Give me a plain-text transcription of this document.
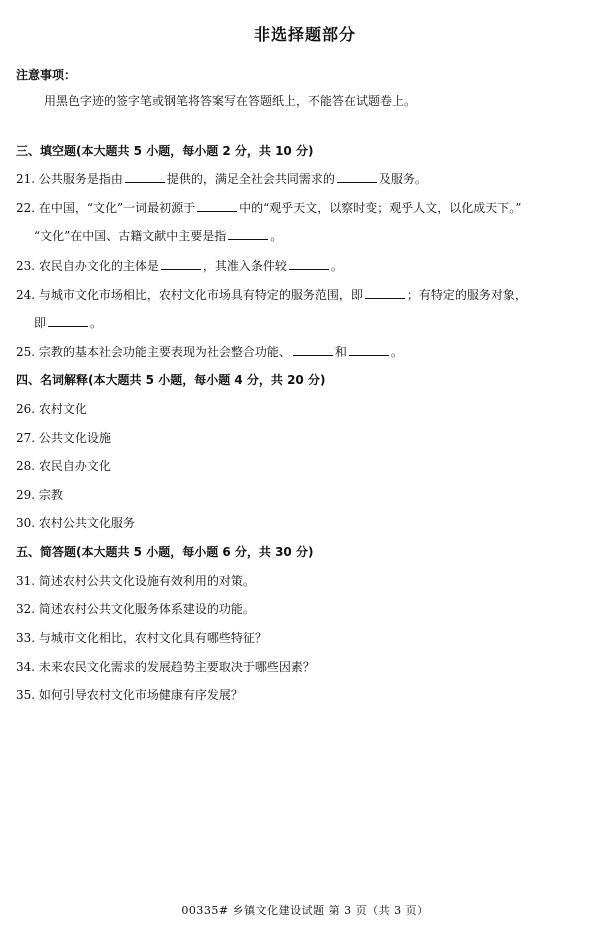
非选择题部分
注意事项：
用黑色字迹的签字笔或钢笔将答案写在答题纸上，不能答在试题卷上。
三、填空题(本大题共 5 小题，每小题 2 分，共 10 分)
21. 公共服务是指由	提供的，满足全社会共同需求的	及服务。
22. 在中国，“文化”一词最初源于	中的“观乎天文，以察时变；观乎人文，以化成天下。”
“文化”在中国、古籍文献中主要是指	。
23. 农民自办文化的主体是	，其准入条件较	。
24. 与城市文化市场相比，农村文化市场具有特定的服务范围，即	；有特定的服务对象，
即	。
25. 宗教的基本社会功能主要表现为社会整合功能、	和	。
四、名词解释(本大题共 5 小题，每小题 4 分，共 20 分)
26. 农村文化
27. 公共文化设施
28. 农民自办文化
29. 宗教
30. 农村公共文化服务
五、简答题(本大题共 5 小题，每小题 6 分，共 30 分)
31. 简述农村公共文化设施有效利用的对策。
32. 简述农村公共文化服务体系建设的功能。
33. 与城市文化相比，农村文化具有哪些特征？
34. 未来农民文化需求的发展趋势主要取决于哪些因素？
35. 如何引导农村文化市场健康有序发展？
00335# 乡镇文化建设试题 第 3 页（共 3 页）
